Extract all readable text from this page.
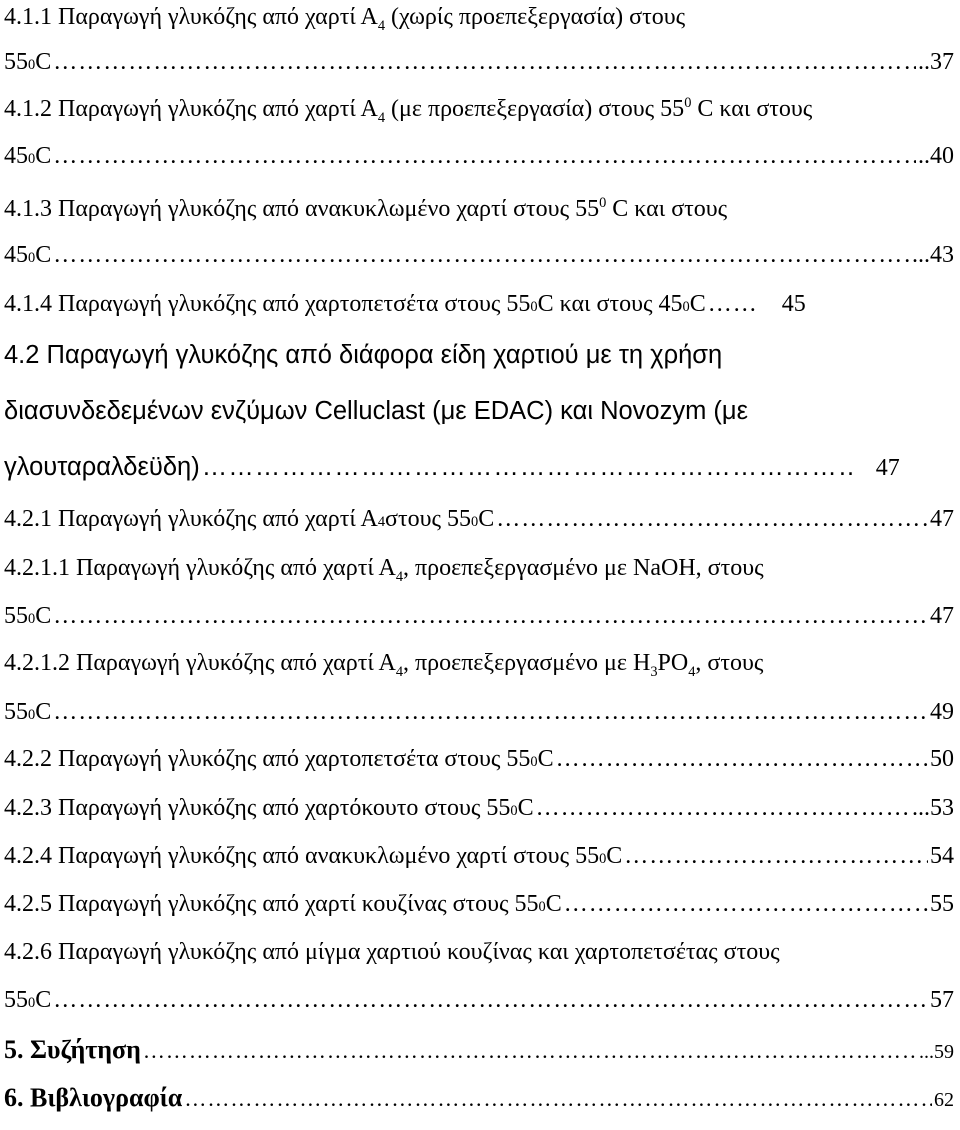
4.1.1 Παραγωγή γλυκόζης από χαρτί $A_4$ (χωρίς προεπεξεργασία) στους
55 0 C ……………………………………………………………………………………………………………………………………………………	..37
4.1.2 Παραγωγή γλυκόζης από χαρτί $A_4$ (με προεπεξεργασία) στους $55^0$ C και στους
45 0 C ……………………………………………………………………………………………………………………………………………………	..40
4.1.3 Παραγωγή γλυκόζης από ανακυκλωμένο χαρτί στους $55^0$ C και στους
45 0 C ……………………………………………………………………………………………………………………………………………………	...43
4.1.4 Παραγωγή γλυκόζης από χαρτοπετσέτα στους 55 0 C και στους 45 0 C ……………………………………………………………………………………………………………………………………………………	45
4.2 Παραγωγή γλυκόζης από διάφορα είδη χαρτιού με τη χρήση
διασυνδεδεμένων ενζύμων Celluclast (με EDAC) και Novozym (με
γλουταραλδεϋδη) ……………………………………………………………………………………………………………………………………………………	47
4.2.1 Παραγωγή γλυκόζης από χαρτί Α 4 στους 55 0 C ……………………………………………………………………………………………………………………………………………………	47
4.2.1.1 Παραγωγή γλυκόζης από χαρτί $A_4$, προεπεξεργασμένο με NaOH, στους
55 0 C ……………………………………………………………………………………………………………………………………………………	47
4.2.1.2 Παραγωγή γλυκόζης από χαρτί $A_4$, προεπεξεργασμένο με $H_3PO_4$, στους
55 0 C ……………………………………………………………………………………………………………………………………………………	49
4.2.2 Παραγωγή γλυκόζης από χαρτοπετσέτα στους 55 0 C ……………………………………………………………………………………………………………………………………………………	50
4.2.3 Παραγωγή γλυκόζης από χαρτόκουτο στους 55 0 C ……………………………………………………………………………………………………………………………………………………	...53
4.2.4 Παραγωγή γλυκόζης από ανακυκλωμένο χαρτί στους 55 0 C ……………………………………………………………………………………………………………………………………………………	54
4.2.5 Παραγωγή γλυκόζης από χαρτί κουζίνας στους 55 0 C ……………………………………………………………………………………………………………………………………………………	55
4.2.6 Παραγωγή γλυκόζης από μίγμα χαρτιού κουζίνας και χαρτοπετσέτας στους
55 0 C ……………………………………………………………………………………………………………………………………………………	57
5. Συζήτηση ……………………………………………………………………………………………………………………………………………………	...59
6. Βιβλιογραφία ……………………………………………………………………………………………………………………………………………………	62
